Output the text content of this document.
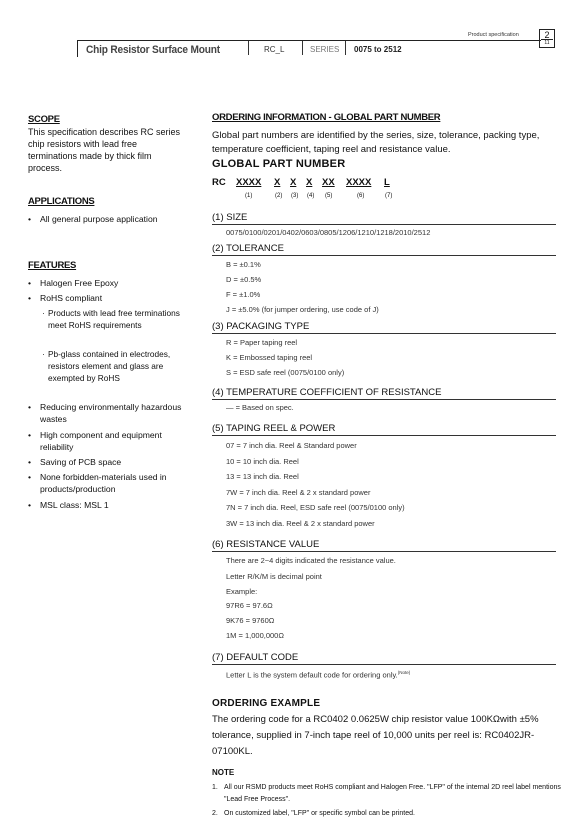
Product specification	2
11
Chip Resistor Surface Mount	RC_L	SERIES 0075 to 2512
SCOPE
This specification describes RC series chip resistors with lead free terminations made by thick film process.
APPLICATIONS
• All general purpose application
FEATURES
• Halogen Free Epoxy
• RoHS compliant
· Products with lead free terminations meet RoHS requirements
· Pb-glass contained in electrodes, resistors element and glass are exempted by RoHS
• Reducing environmentally hazardous wastes
• High component and equipment reliability
• Saving of PCB space
• None forbidden-materials used in products/production
• MSL class: MSL 1
ORDERING INFORMATION - GLOBAL PART NUMBER
Global part numbers are identified by the series, size, tolerance, packing type, temperature coefficient, taping reel and resistance value.
GLOBAL PART NUMBER
RC XXXX X X X XX XXXX L
(1)	(2) (3) (4) (5)	(6)	(7)
(1) SIZE
0075/0100/0201/0402/0603/0805/1206/1210/1218/2010/2512
(2) TOLERANCE
B = ±0.1%
D = ±0.5%
F = ±1.0%
J = ±5.0% (for jumper ordering, use code of J)
(3) PACKAGING TYPE
R = Paper taping reel
K = Embossed taping reel
S = ESD safe reel (0075/0100 only)
(4) TEMPERATURE COEFFICIENT OF RESISTANCE
— = Based on spec.
(5) TAPING REEL & POWER
07 = 7 inch dia. Reel & Standard power
10 = 10 inch dia. Reel
13 = 13 inch dia. Reel
7W = 7 inch dia. Reel & 2 x standard power
7N = 7 inch dia. Reel, ESD safe reel (0075/0100 only)
3W = 13 inch dia. Reel & 2 x standard power
(6) RESISTANCE VALUE
There are 2~4 digits indicated the resistance value.
Letter R/K/M is decimal point
Example:
97R6 = 97.6Ω
9K76 = 9760Ω
1M = 1,000,000Ω
(7) DEFAULT CODE
Letter L is the system default code for ordering only.$^{(Note)}$
ORDERING EXAMPLE
The ordering code for a RC0402 0.0625W chip resistor value 100KΩwith ±5% tolerance, supplied in 7-inch tape reel of 10,000 units per reel is: RC0402JR-07100KL.
NOTE
1. All our RSMD products meet RoHS compliant and Halogen Free. "LFP" of the internal 2D reel label mentions "Lead Free Process".
2. On customized label, "LFP" or specific symbol can be printed.
